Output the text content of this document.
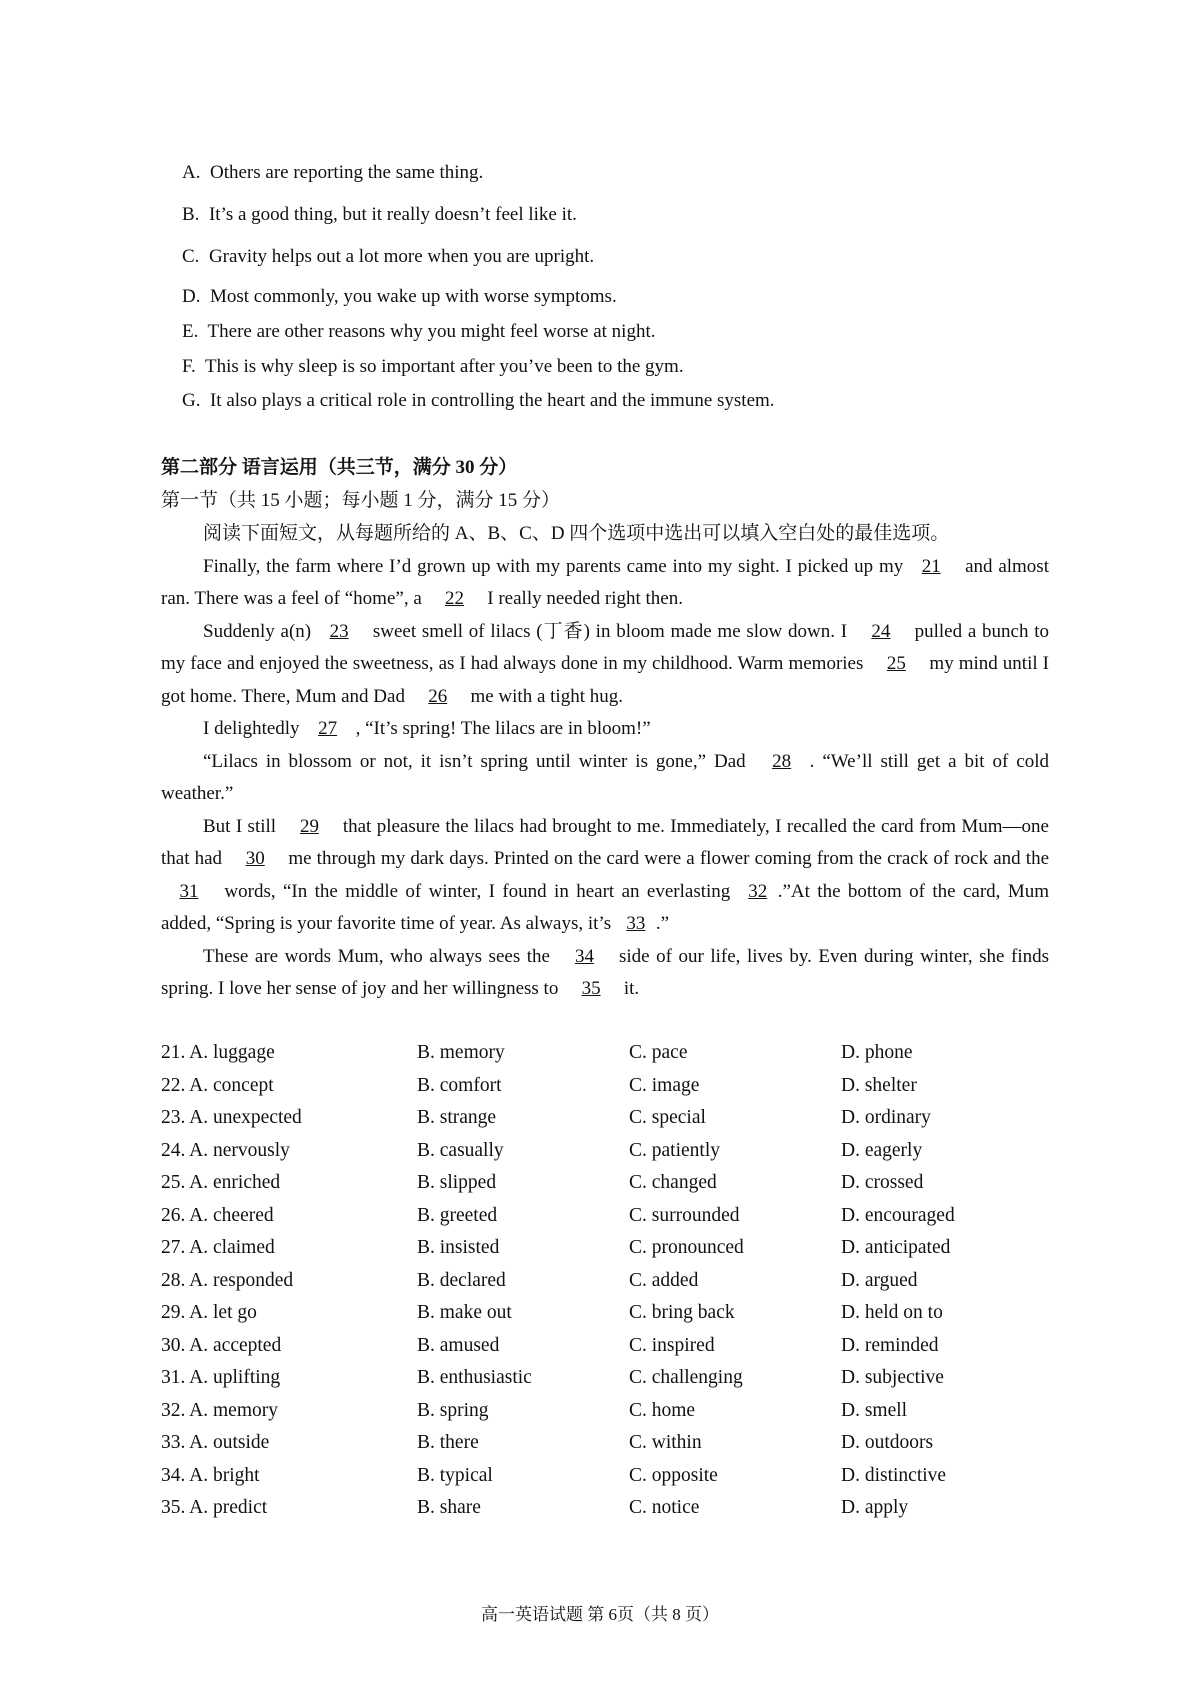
A. Others are reporting the same thing.
B. It’s a good thing, but it really doesn’t feel like it.
C. Gravity helps out a lot more when you are upright.
D. Most commonly, you wake up with worse symptoms.
E. There are other reasons why you might feel worse at night.
F. This is why sleep is so important after you’ve been to the gym.
G. It also plays a critical role in controlling the heart and the immune system.
第二部分 语言运用（共三节，满分 30 分）
第一节（共 15 小题；每小题 1 分，满分 15 分）

阅读下面短文，从每题所给的 A、B、C、D 四个选项中选出可以填入空白处的最佳选项。

Finally, the farm where I’d grown up with my parents came into my sight. I picked up my 21 and almost ran. There was a feel of “home”, a 22 I really needed right then.

Suddenly a(n) 23 sweet smell of lilacs (丁香) in bloom made me slow down. I 24 pulled a bunch to my face and enjoyed the sweetness, as I had always done in my childhood. Warm memories 25 my mind until I got home. There, Mum and Dad 26 me with a tight hug.

I delightedly 27 , “It’s spring! The lilacs are in bloom!”

“Lilacs in blossom or not, it isn’t spring until winter is gone,” Dad 28 . “We’ll still get a bit of cold weather.”

But I still 29 that pleasure the lilacs had brought to me. Immediately, I recalled the card from Mum—one that had 30 me through my dark days. Printed on the card were a flower coming from the crack of rock and the 31 words, “In the middle of winter, I found in heart an everlasting 32 .”At the bottom of the card, Mum added, “Spring is your favorite time of year. As always, it’s 33 .”

These are words Mum, who always sees the 34 side of our life, lives by. Even during winter, she finds spring. I love her sense of joy and her willingness to 35 it.

21. A. luggage	B. memory	C. pace	D. phone
22. A. concept	B. comfort	C. image	D. shelter
23. A. unexpected	B. strange	C. special	D. ordinary
24. A. nervously	B. casually	C. patiently	D. eagerly
25. A. enriched	B. slipped	C. changed	D. crossed
26. A. cheered	B. greeted	C. surrounded	D. encouraged
27. A. claimed	B. insisted	C. pronounced	D. anticipated
28. A. responded	B. declared	C. added	D. argued
29. A. let go	B. make out	C. bring back	D. held on to
30. A. accepted	B. amused	C. inspired	D. reminded
31. A. uplifting	B. enthusiastic	C. challenging	D. subjective
32. A. memory	B. spring	C. home	D. smell
33. A. outside	B. there	C. within	D. outdoors
34. A. bright	B. typical	C. opposite	D. distinctive
35. A. predict	B. share	C. notice	D. apply
高一英语试题 第 6页（共 8 页）
